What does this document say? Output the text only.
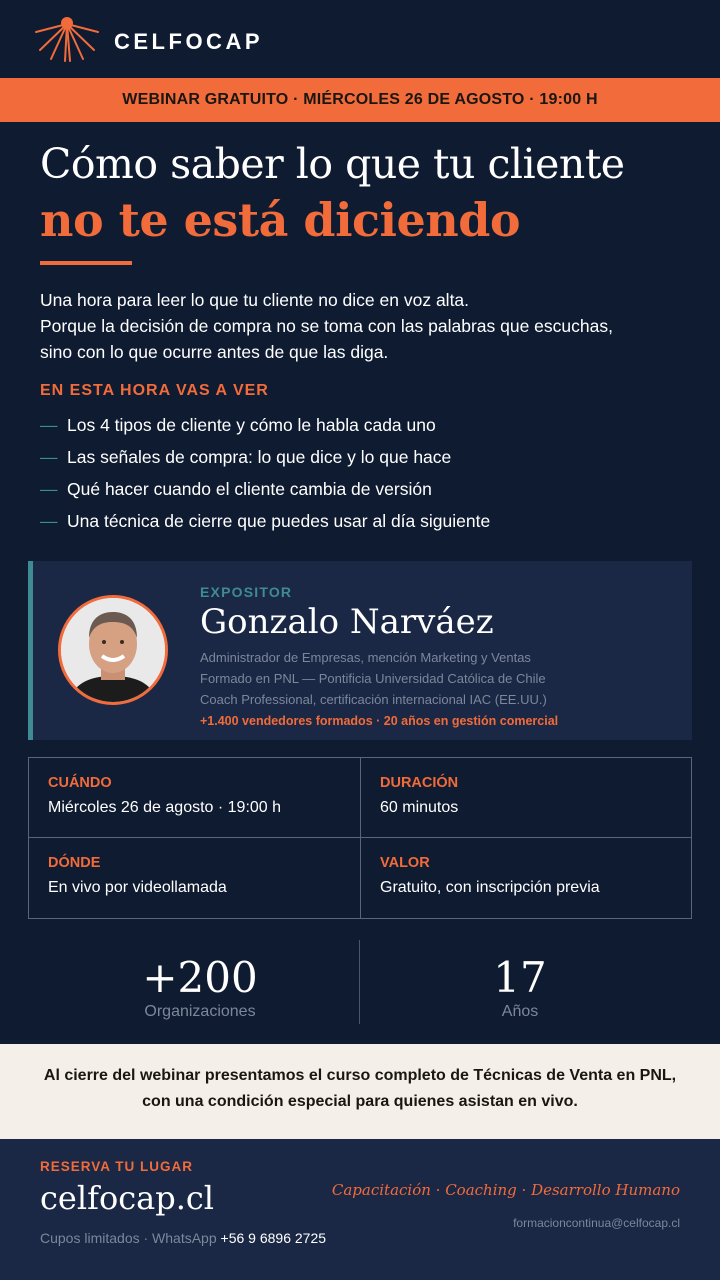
CELFOCAP
WEBINAR GRATUITO · MIÉRCOLES 26 DE AGOSTO · 19:00 H
Cómo saber lo que tu cliente
no te está diciendo
Una hora para leer lo que tu cliente no dice en voz alta.
Porque la decisión de compra no se toma con las palabras que escuchas,
sino con lo que ocurre antes de que las diga.
EN ESTA HORA VAS A VER
— Los 4 tipos de cliente y cómo le habla cada uno
— Las señales de compra: lo que dice y lo que hace
— Qué hacer cuando el cliente cambia de versión
— Una técnica de cierre que puedes usar al día siguiente
EXPOSITOR
Gonzalo Narváez
Administrador de Empresas, mención Marketing y Ventas
Formado en PNL — Pontificia Universidad Católica de Chile
Coach Professional, certificación internacional IAC (EE.UU.)
+1.400 vendedores formados · 20 años en gestión comercial
CUÁNDO
Miércoles 26 de agosto · 19:00 h
DURACIÓN
60 minutos
DÓNDE
En vivo por videollamada
VALOR
Gratuito, con inscripción previa
+200
Organizaciones
17
Años
Al cierre del webinar presentamos el curso completo de Técnicas de Venta en PNL,
con una condición especial para quienes asistan en vivo.
RESERVA TU LUGAR
celfocap.cl
Cupos limitados · WhatsApp +56 9 6896 2725
Capacitación · Coaching · Desarrollo Humano
formacioncontinua@celfocap.cl
